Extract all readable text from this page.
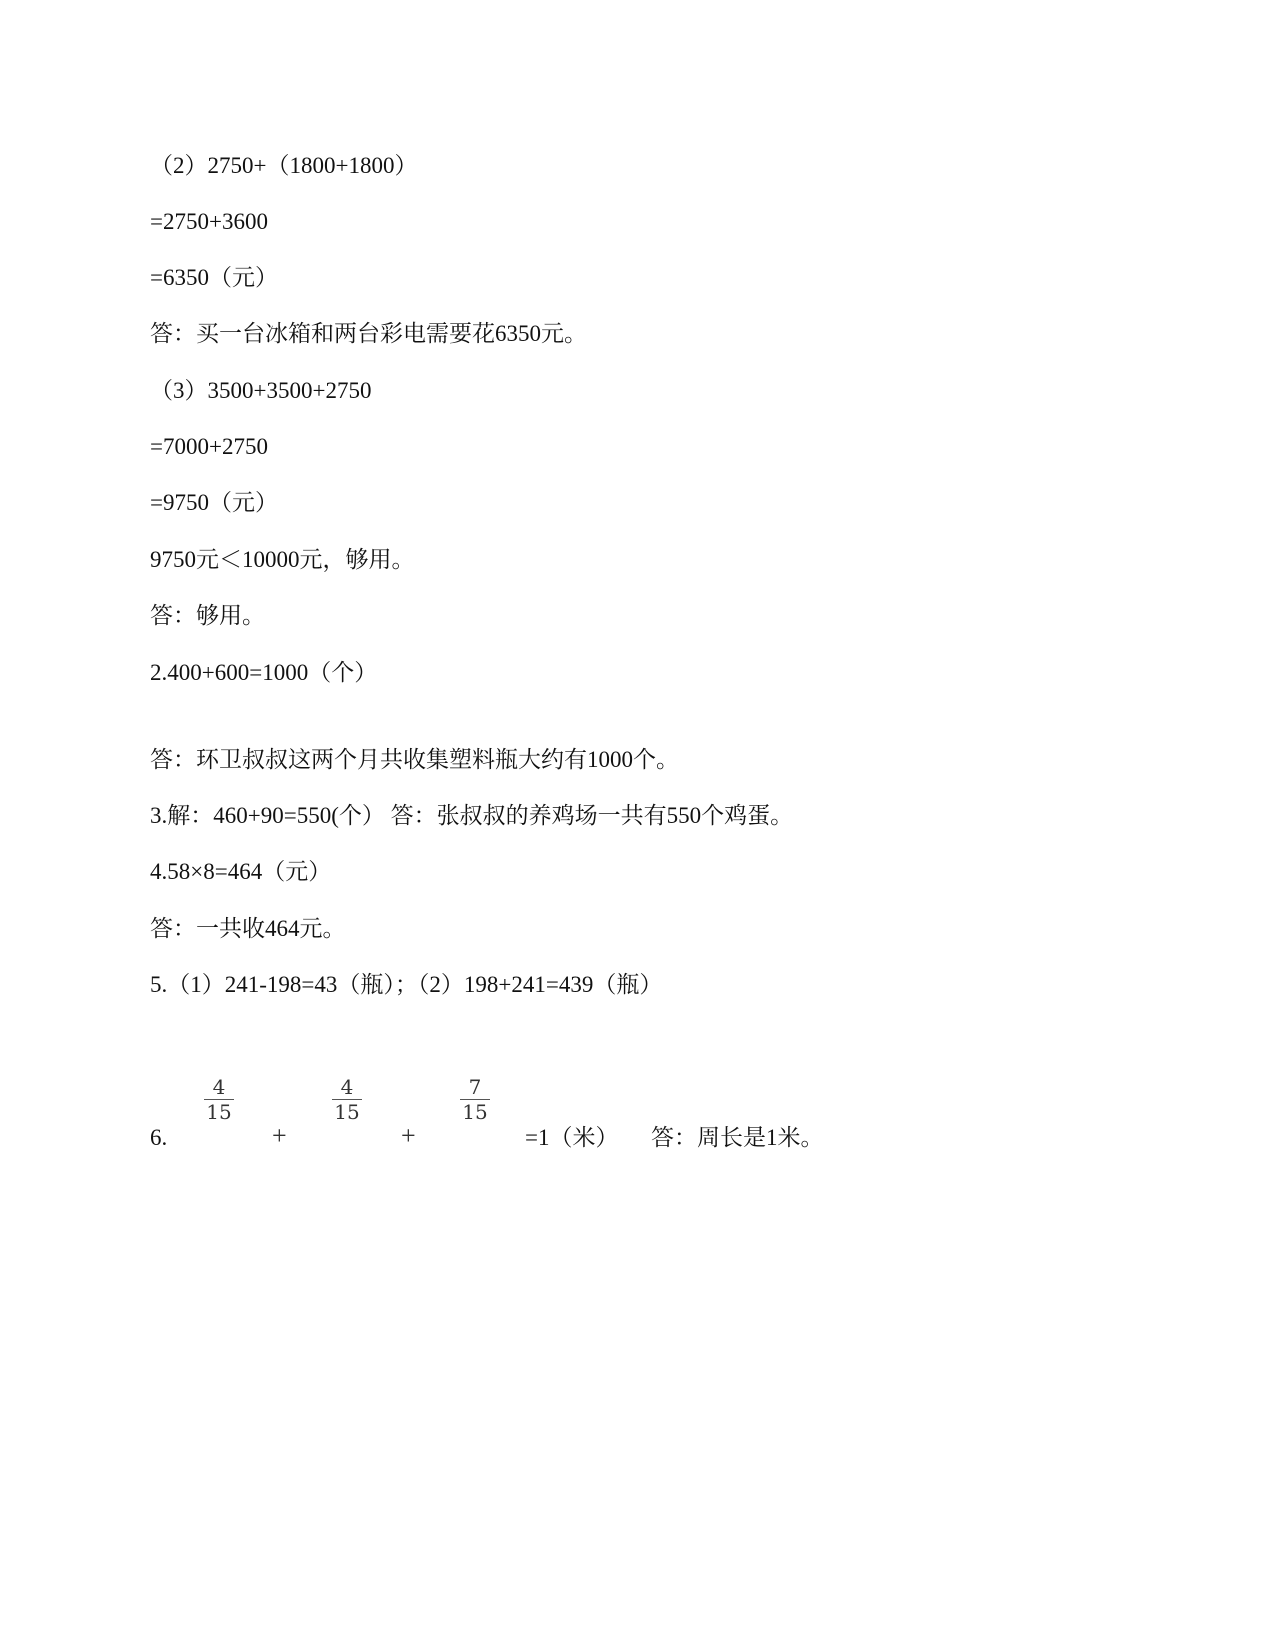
（2）2750+（1800+1800）
=2750+3600
=6350（元）
答：买一台冰箱和两台彩电需要花6350元。
（3）3500+3500+2750
=7000+2750
=9750（元）
9750元＜10000元，够用。
答：够用。
2.400+600=1000（个）
答：环卫叔叔这两个月共收集塑料瓶大约有1000个。
3.解：460+90=550(个） 答：张叔叔的养鸡场一共有550个鸡蛋。
4.58×8=464（元）
答：一共收464元。
5.（1）241-198=43（瓶）；（2）198+241=439（瓶）
6.
4
15
+
4
15
+
7
15
=1（米） 答：周长是1米。
